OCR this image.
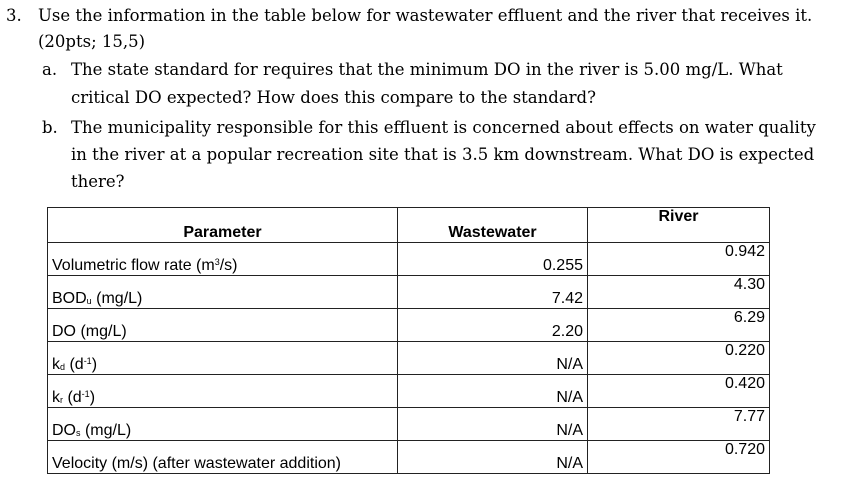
3. Use the information in the table below for wastewater effluent and the river that receives it.
(20pts; 15,5)
a. The state standard for requires that the minimum DO in the river is 5.00 mg/L. What
critical DO expected? How does this compare to the standard?
b. The municipality responsible for this effluent is concerned about effects on water quality
in the river at a popular recreation site that is 3.5 km downstream. What DO is expected
there?
Parameter	Wastewater	River
Volumetric flow rate $(m^3/s)$	0.255	0.942
$BOD_u$ (mg/L)	7.42	4.30
DO (mg/L)	2.20	6.29
$k_d$ $(d^{-1})$	N/A	0.220
$k_r$ $(d^{-1})$	N/A	0.420
$DO_s$ (mg/L)	N/A	7.77
Velocity (m/s) (after wastewater addition)	N/A	0.720
